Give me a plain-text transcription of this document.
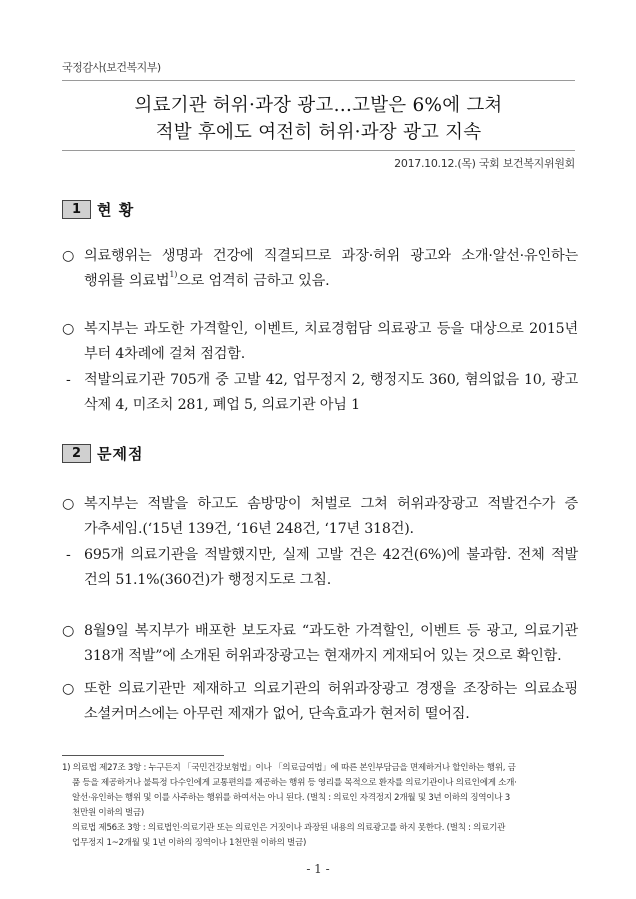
국정감사(보건복지부)
의료기관 허위·과장 광고…고발은 6%에 그쳐
적발 후에도 여전히 허위·과장 광고 지속
2017.10.12.(목) 국회 보건복지위원회
1	현 황
○ 의료행위는 생명과 건강에 직결되므로 과장·허위 광고와 소개·알선·유인하는
행위를 의료법$^{1)}$으로 엄격히 금하고 있음.
○ 복지부는 과도한 가격할인, 이벤트, 치료경험담 의료광고 등을 대상으로 2015년
부터 4차례에 걸쳐 점검함.
- 적발의료기관 705개 중 고발 42, 업무정지 2, 행정지도 360, 혐의없음 10, 광고
삭제 4, 미조치 281, 폐업 5, 의료기관 아님 1
2	문제점
○ 복지부는 적발을 하고도 솜방망이 처벌로 그쳐 허위과장광고 적발건수가 증
가추세임.(‘15년 139건, ‘16년 248건, ‘17년 318건).
- 695개 의료기관을 적발했지만, 실제 고발 건은 42건(6%)에 불과함. 전체 적발
건의 51.1%(360건)가 행정지도로 그침.
○ 8월9일 복지부가 배포한 보도자료 “과도한 가격할인, 이벤트 등 광고, 의료기관
318개 적발”에 소개된 허위과장광고는 현재까지 게재되어 있는 것으로 확인함.
○ 또한 의료기관만 제재하고 의료기관의 허위과장광고 경쟁을 조장하는 의료쇼핑
소셜커머스에는 아무런 제재가 없어, 단속효과가 현저히 떨어짐.
1) 의료법 제27조 3항 : 누구든지 「국민건강보험법」이나 「의료급여법」에 따른 본인부담금을 면제하거나 할인하는 행위, 금
품 등을 제공하거나 불특정 다수인에게 교통편의를 제공하는 행위 등 영리를 목적으로 환자를 의료기관이나 의료인에게 소개·
알선·유인하는 행위 및 이를 사주하는 행위를 하여서는 아니 된다. (벌칙 : 의료인 자격정지 2개월 및 3년 이하의 징역이나 3
천만원 이하의 벌금)
의료법 제56조 3항 : 의료법인·의료기관 또는 의료인은 거짓이나 과장된 내용의 의료광고를 하지 못한다. (벌칙 : 의료기관
업무정지 1~2개월 및 1년 이하의 징역이나 1천만원 이하의 벌금)
- 1 -
